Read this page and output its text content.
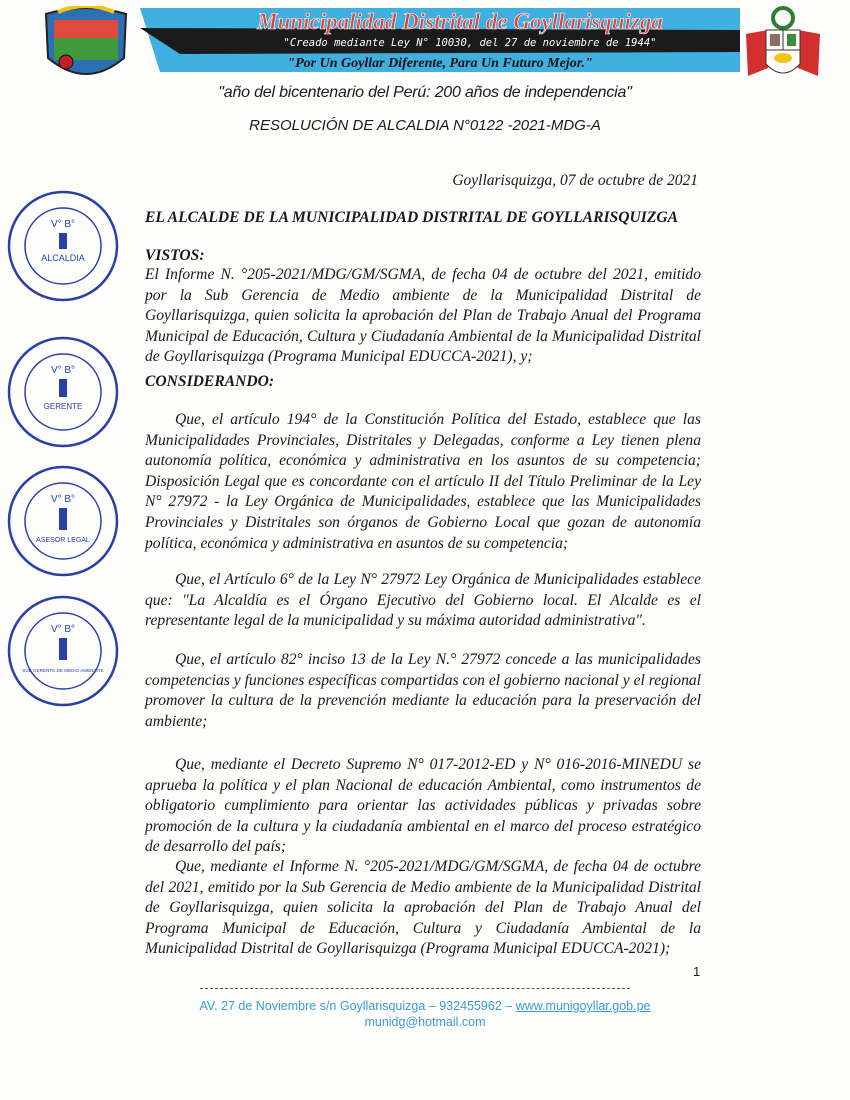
Municipalidad Distrital de Goyllarisquizga
"Creado mediante Ley N° 10030, del 27 de noviembre de 1944"
"Por Un Goyllar Diferente, Para Un Futuro Mejor."
"año del bicentenario del Perú: 200 años de independencia"
RESOLUCIÓN DE ALCALDIA N°0122 -2021-MDG-A
Goyllarisquizga, 07 de octubre de 2021
V° B°
ALCALDIA
V° B°
GERENTE
V° B°
ASESOR LEGAL
V° B°
SUB GERENTE DE MEDIO AMBIENTE
EL ALCALDE DE LA MUNICIPALIDAD DISTRITAL DE GOYLLARISQUIZGA
VISTOS:
El Informe N. °205-2021/MDG/GM/SGMA, de fecha 04 de octubre del 2021, emitido por la Sub Gerencia de Medio ambiente de la Municipalidad Distrital de Goyllarisquizga, quien solicita la aprobación del Plan de Trabajo Anual del Programa Municipal de Educación, Cultura y Ciudadanía Ambiental de la Municipalidad Distrital de Goyllarisquizga (Programa Municipal EDUCCA-2021), y;
CONSIDERANDO:
Que, el artículo 194° de la Constitución Política del Estado, establece que las Municipalidades Provinciales, Distritales y Delegadas, conforme a Ley tienen plena autonomía política, económica y administrativa en los asuntos de su competencia; Disposición Legal que es concordante con el artículo II del Título Preliminar de la Ley N° 27972 - la Ley Orgánica de Municipalidades, establece que las Municipalidades Provinciales y Distritales son órganos de Gobierno Local que gozan de autonomía política, económica y administrativa en asuntos de su competencia;
Que, el Artículo 6° de la Ley N° 27972 Ley Orgánica de Municipalidades establece que: "La Alcaldía es el Órgano Ejecutivo del Gobierno local. El Alcalde es el representante legal de la municipalidad y su máxima autoridad administrativa".
Que, el artículo 82° inciso 13 de la Ley N.° 27972 concede a las municipalidades competencias y funciones específicas compartidas con el gobierno nacional y el regional promover la cultura de la prevención mediante la educación para la preservación del ambiente;
Que, mediante el Decreto Supremo N° 017-2012-ED y N° 016-2016-MINEDU se aprueba la política y el plan Nacional de educación Ambiental, como instrumentos de obligatorio cumplimiento para orientar las actividades públicas y privadas sobre promoción de la cultura y la ciudadanía ambiental en el marco del proceso estratégico de desarrollo del país;
Que, mediante el Informe N. °205-2021/MDG/GM/SGMA, de fecha 04 de octubre del 2021, emitido por la Sub Gerencia de Medio ambiente de la Municipalidad Distrital de Goyllarisquizga, quien solicita la aprobación del Plan de Trabajo Anual del Programa Municipal de Educación, Cultura y Ciudadanía Ambiental de la Municipalidad Distrital de Goyllarisquizga (Programa Municipal EDUCCA-2021);
1
AV. 27 de Noviembre s/n Goyllarisquizga – 932455962 – www.munigoyllar.gob.pe
munidg@hotmail.com
